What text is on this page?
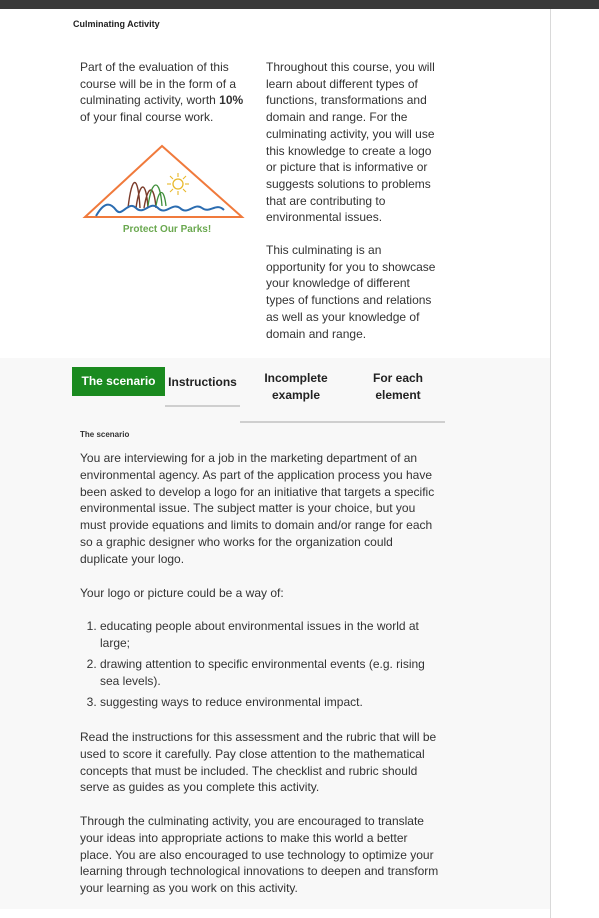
Culminating Activity
Part of the evaluation of this course will be in the form of a culminating activity, worth 10% of your final course work.
Protect Our Parks!

Throughout this course, you will learn about different types of functions, transformations and domain and range. For the culminating activity, you will use this knowledge to create a logo or picture that is informative or suggests solutions to problems that are contributing to environmental issues.

This culminating is an opportunity for you to showcase your knowledge of different types of functions and relations as well as your knowledge of domain and range.

The scenario	Instructions	Incomplete example
For each element
The scenario

You are interviewing for a job in the marketing department of an environmental agency. As part of the application process you have been asked to develop a logo for an initiative that targets a specific environmental issue. The subject matter is your choice, but you must provide equations and limits to domain and/or range for each so a graphic designer who works for the organization could duplicate your logo.

Your logo or picture could be a way of:

1. educating people about environmental issues in the world at large;
2. drawing attention to specific environmental events (e.g. rising sea levels).
3. suggesting ways to reduce environmental impact.

Read the instructions for this assessment and the rubric that will be used to score it carefully. Pay close attention to the mathematical concepts that must be included. The checklist and rubric should serve as guides as you complete this activity.

Through the culminating activity, you are encouraged to translate your ideas into appropriate actions to make this world a better place. You are also encouraged to use technology to optimize your learning through technological innovations to deepen and transform your learning as you work on this activity.
